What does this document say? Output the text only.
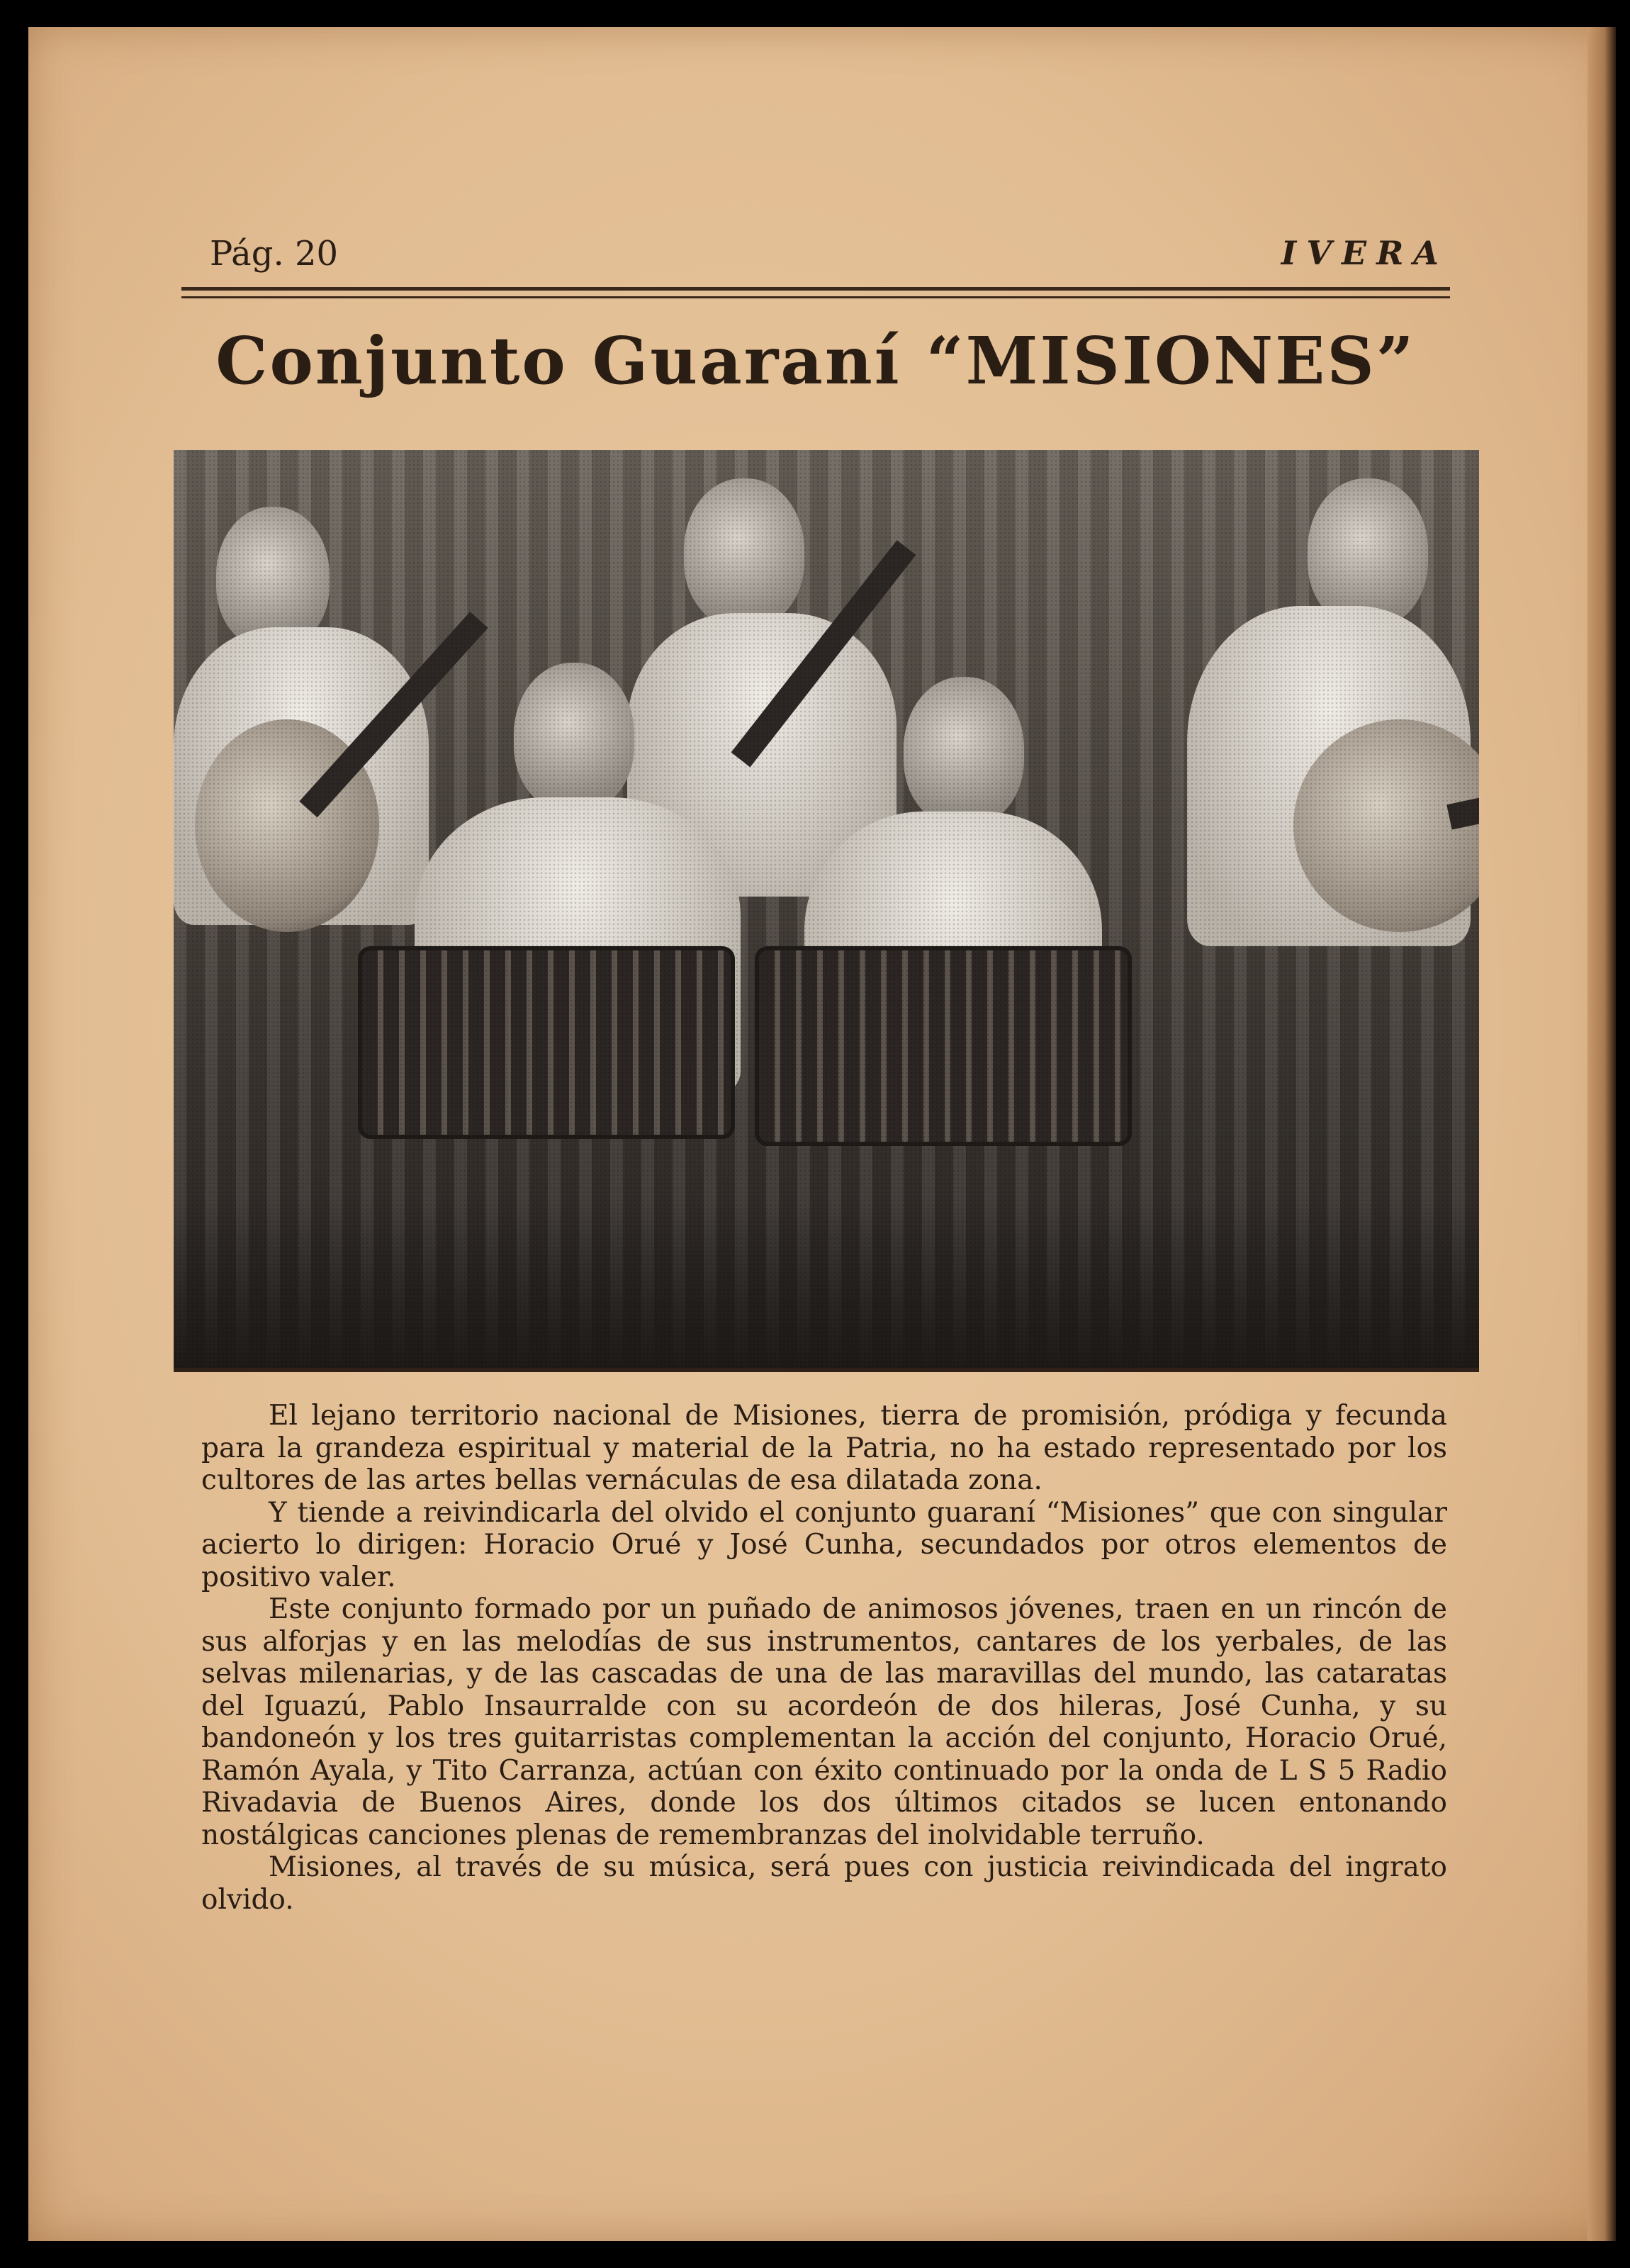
Pág. 20	IVERA
Conjunto Guaraní “MISIONES”

El lejano territorio nacional de Misiones, tierra de promisión, pródiga y fecunda para la grandeza espiritual y material de la Patria, no ha estado representado por los cultores de las artes bellas vernáculas de esa dilatada zona.

Y tiende a reivindicarla del olvido el conjunto guaraní “Misiones” que con singular acierto lo dirigen: Horacio Orué y José Cunha, secundados por otros elementos de positivo valer.

Este conjunto formado por un puñado de animosos jóvenes, traen en un rincón de sus alforjas y en las melodías de sus instrumentos, cantares de los yerbales, de las selvas milenarias, y de las cascadas de una de las maravillas del mundo, las cataratas del Iguazú, Pablo Insaurralde con su acordeón de dos hileras, José Cunha, y su bandoneón y los tres guitarristas complementan la acción del conjunto, Horacio Orué, Ramón Ayala, y Tito Carranza, actúan con éxito continuado por la onda de L S 5 Radio Rivadavia de Buenos Aires, donde los dos últimos citados se lucen entonando nostálgicas canciones plenas de remembranzas del inolvidable terruño.

Misiones, al través de su música, será pues con justicia reivindicada del ingrato olvido.
